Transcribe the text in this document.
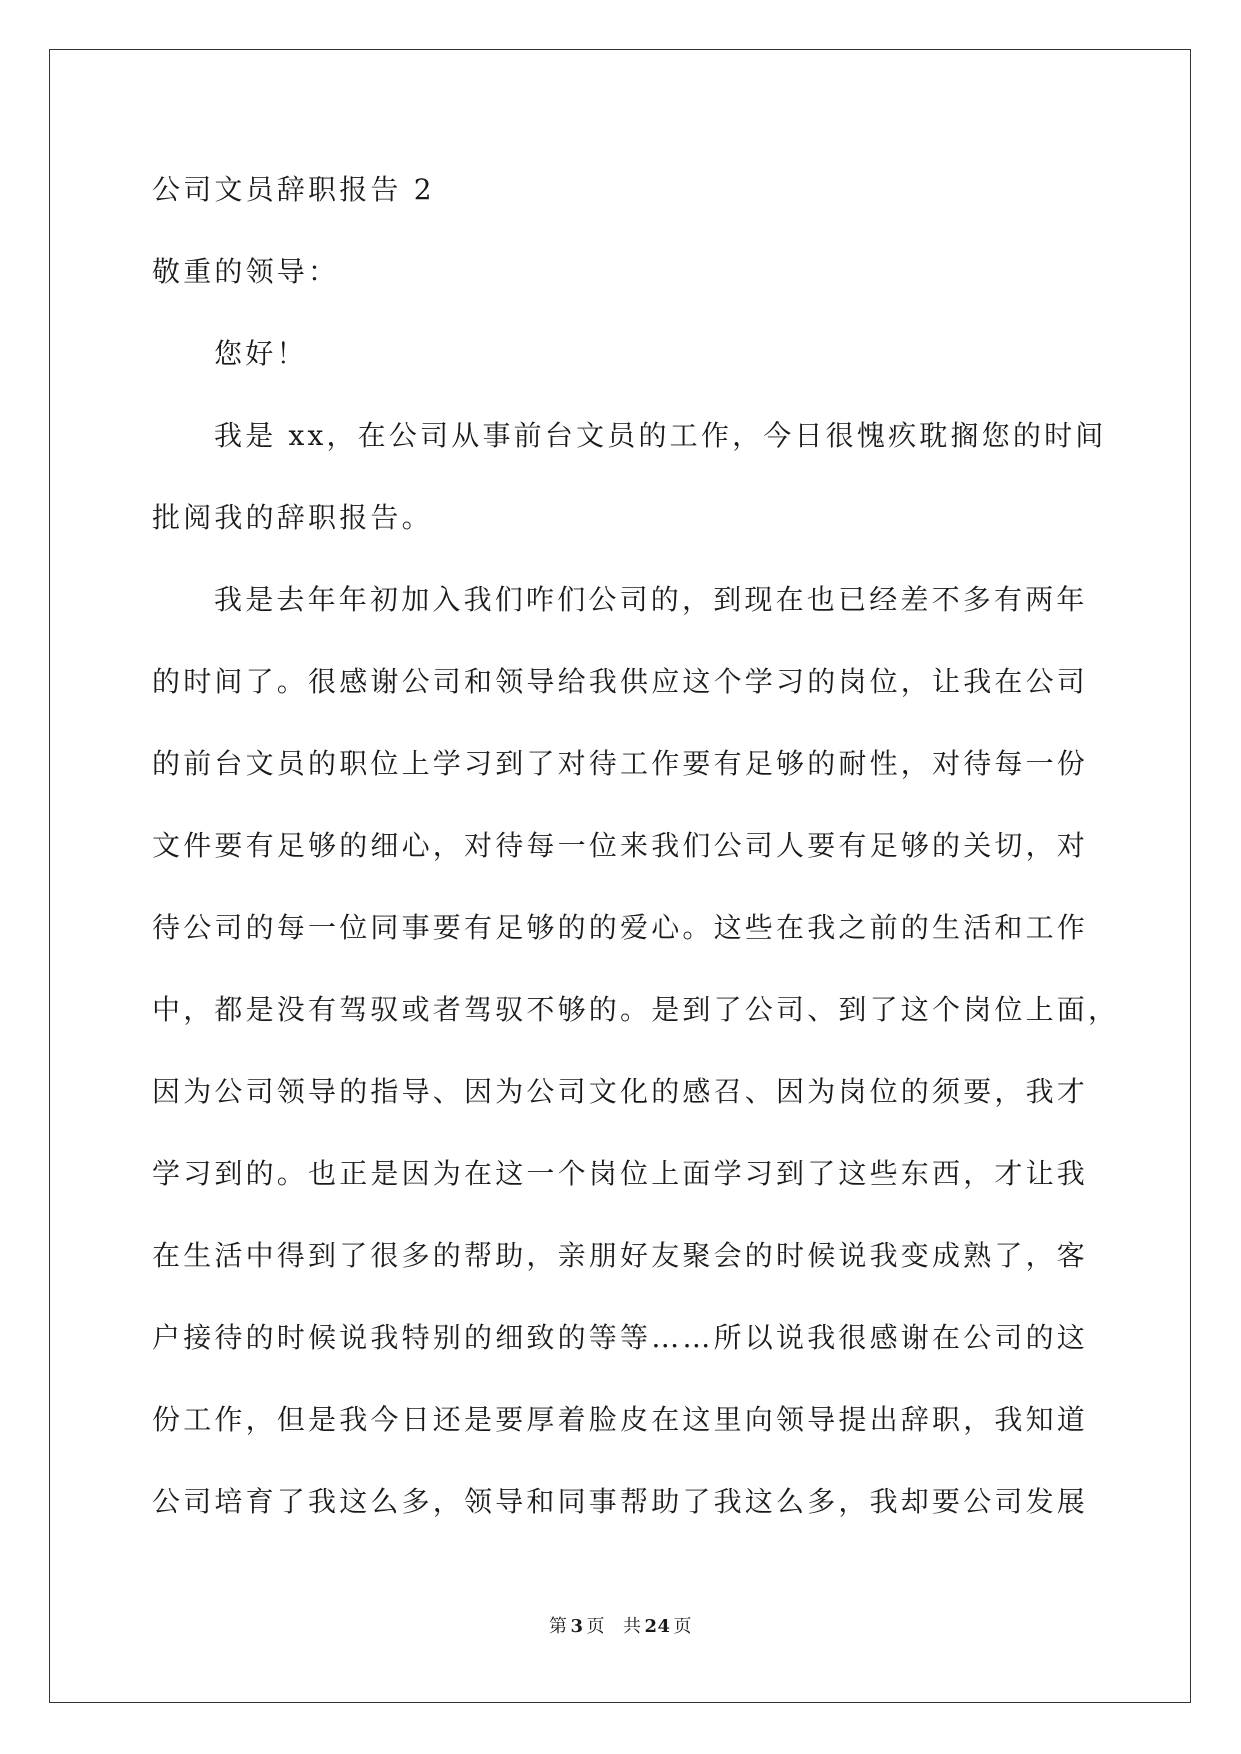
公司文员辞职报告 2
敬重的领导：
您好！
我是 xx，在公司从事前台文员的工作，今日很愧疚耽搁您的时间
批阅我的辞职报告。
我是去年年初加入我们咋们公司的，到现在也已经差不多有两年
的时间了。很感谢公司和领导给我供应这个学习的岗位，让我在公司
的前台文员的职位上学习到了对待工作要有足够的耐性，对待每一份
文件要有足够的细心，对待每一位来我们公司人要有足够的关切，对
待公司的每一位同事要有足够的的爱心。这些在我之前的生活和工作
中，都是没有驾驭或者驾驭不够的。是到了公司、到了这个岗位上面，
因为公司领导的指导、因为公司文化的感召、因为岗位的须要，我才
学习到的。也正是因为在这一个岗位上面学习到了这些东西，才让我
在生活中得到了很多的帮助，亲朋好友聚会的时候说我变成熟了，客
户接待的时候说我特别的细致的等等……所以说我很感谢在公司的这
份工作，但是我今日还是要厚着脸皮在这里向领导提出辞职，我知道
公司培育了我这么多，领导和同事帮助了我这么多，我却要公司发展
第 3 页 共 24 页
